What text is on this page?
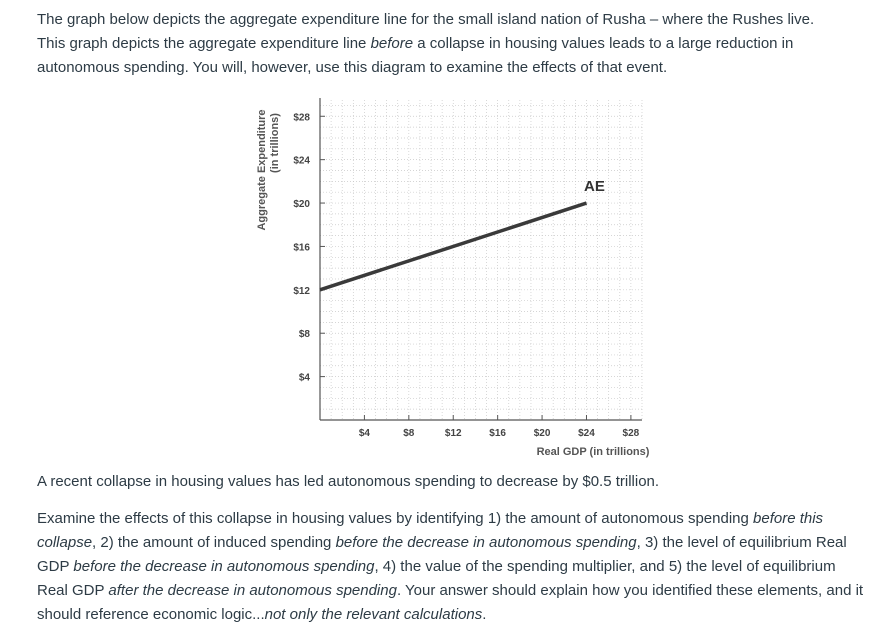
The graph below depicts the aggregate expenditure line for the small island nation of Rusha – where the Rushes live.
This graph depicts the aggregate expenditure line before a collapse in housing values leads to a large reduction in autonomous spending. You will, however, use this diagram to examine the effects of that event.

$4
$8
$12
$16
$20
$24
$28
$4	$8	$12	$16	$20	$24	$28
AE
Aggregate Expenditure (in trillions)
Real GDP (in trillions)

A recent collapse in housing values has led autonomous spending to decrease by $0.5 trillion.

Examine the effects of this collapse in housing values by identifying 1) the amount of autonomous spending before this collapse, 2) the amount of induced spending before the decrease in autonomous spending, 3) the level of equilibrium Real GDP before the decrease in autonomous spending, 4) the value of the spending multiplier, and 5) the level of equilibrium Real GDP after the decrease in autonomous spending. Your answer should explain how you identified these elements, and it should reference economic logic...not only the relevant calculations.
